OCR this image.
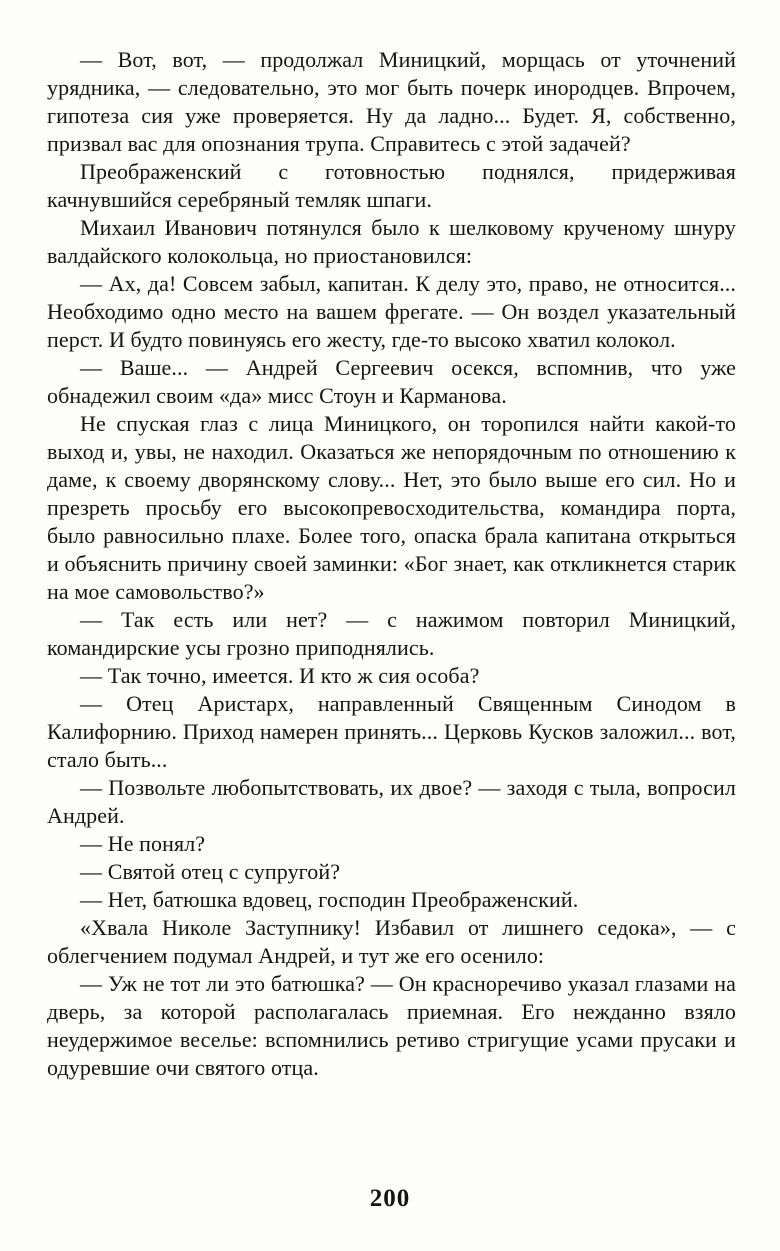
— Вот, вот, — продолжал Миницкий, морщась от уточнений урядника, — следовательно, это мог быть почерк инородцев. Впрочем, гипотеза сия уже проверяется. Ну да ладно... Будет. Я, собственно, призвал вас для опознания трупа. Справитесь с этой задачей?

Преображенский с готовностью поднялся, придерживая качнувшийся серебряный темляк шпаги.

Михаил Иванович потянулся было к шелковому крученому шнуру валдайского колокольца, но приостановился:

— Ах, да! Совсем забыл, капитан. К делу это, право, не относится... Необходимо одно место на вашем фрегате. — Он воздел указательный перст. И будто повинуясь его жесту, где-то высоко хватил колокол.

— Ваше... — Андрей Сергеевич осекся, вспомнив, что уже обнадежил своим «да» мисс Стоун и Карманова.

Не спуская глаз с лица Миницкого, он торопился найти какой-то выход и, увы, не находил. Оказаться же непорядочным по отношению к даме, к своему дворянскому слову... Нет, это было выше его сил. Но и презреть просьбу его высокопревосходительства, командира порта, было равносильно плахе. Более того, опаска брала капитана открыться и объяснить причину своей заминки: «Бог знает, как откликнется старик на мое самовольство?»

— Так есть или нет? — с нажимом повторил Миницкий, командирские усы грозно приподнялись.

— Так точно, имеется. И кто ж сия особа?

— Отец Аристарх, направленный Священным Синодом в Калифорнию. Приход намерен принять... Церковь Кусков заложил... вот, стало быть...

— Позвольте любопытствовать, их двое? — заходя с тыла, вопросил Андрей.

— Не понял?

— Святой отец с супругой?

— Нет, батюшка вдовец, господин Преображенский.

«Хвала Николе Заступнику! Избавил от лишнего седока», — с облегчением подумал Андрей, и тут же его осенило:

— Уж не тот ли это батюшка? — Он красноречиво указал глазами на дверь, за которой располагалась приемная. Его нежданно взяло неудержимое веселье: вспомнились ретиво стригущие усами прусаки и одуревшие очи святого отца.

200
